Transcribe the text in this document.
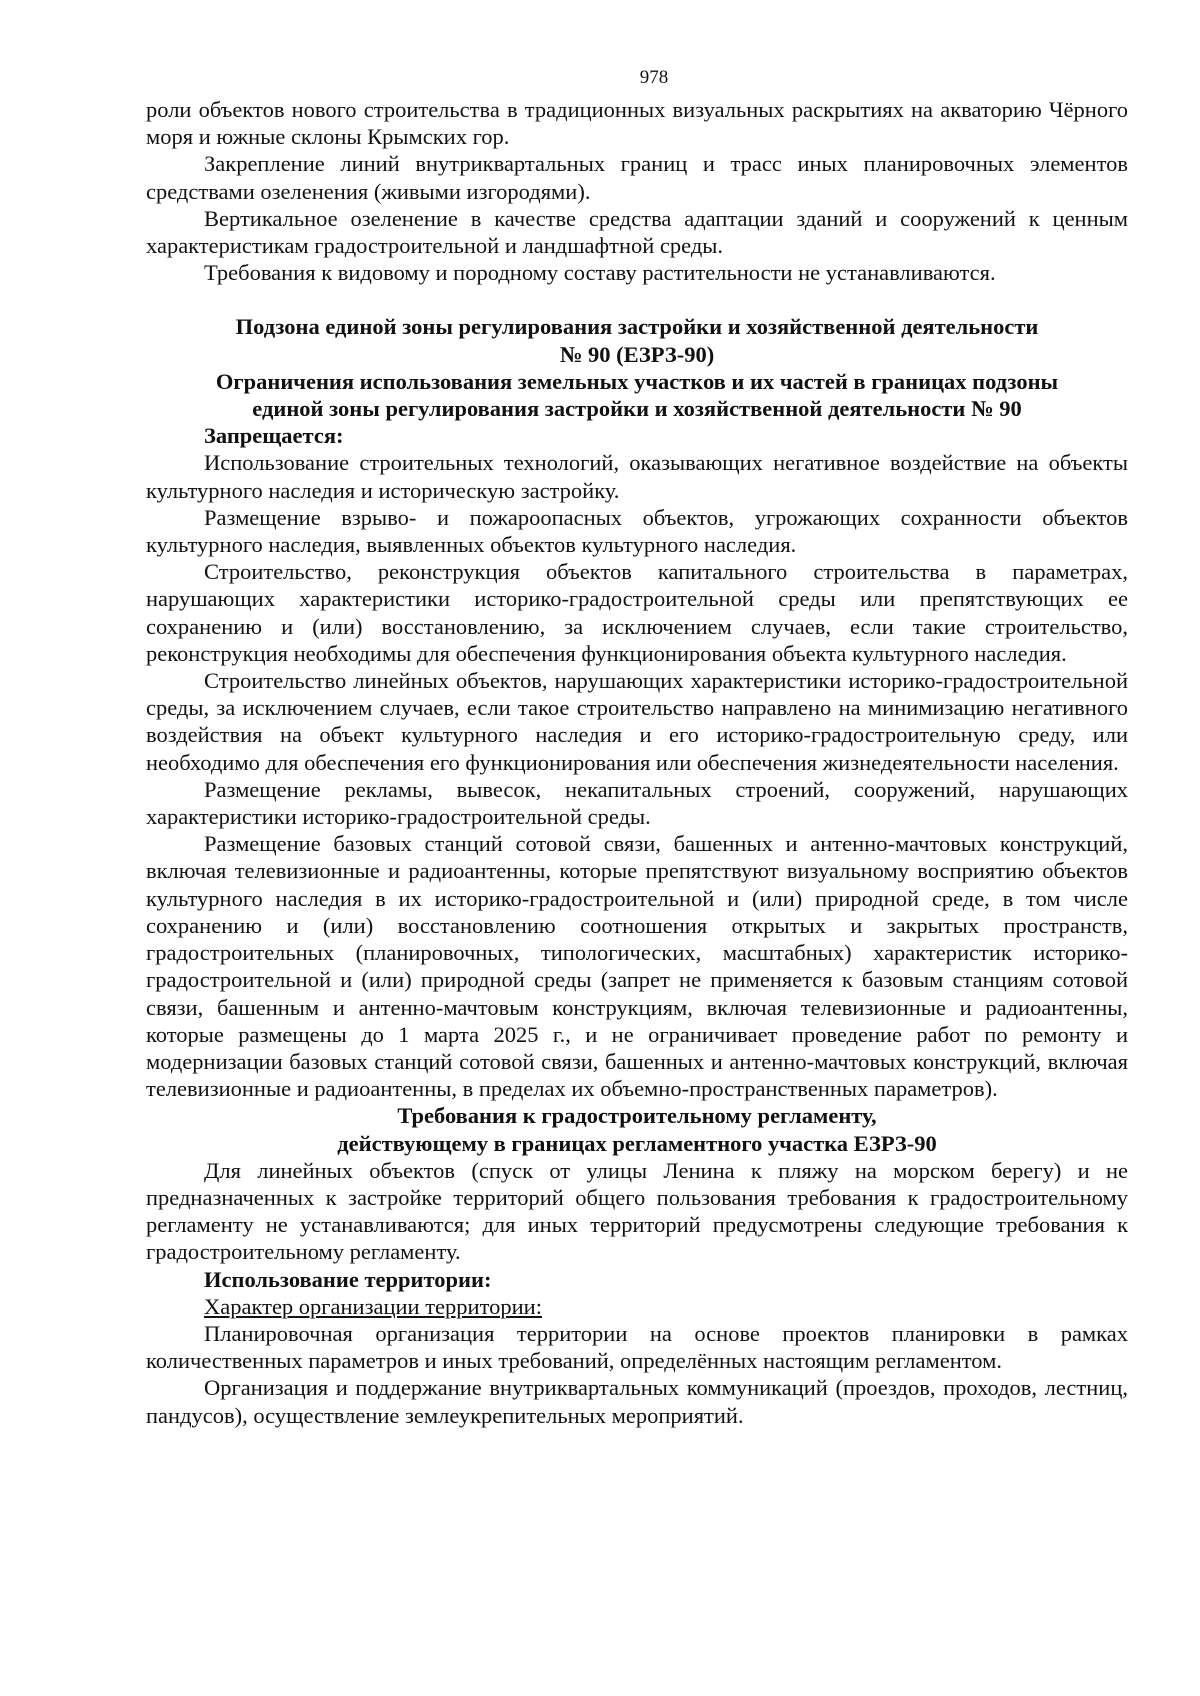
978

роли объектов нового строительства в традиционных визуальных раскрытиях на акваторию Чёрного моря и южные склоны Крымских гор.

Закрепление линий внутриквартальных границ и трасс иных планировочных элементов средствами озеленения (живыми изгородями).

Вертикальное озеленение в качестве средства адаптации зданий и сооружений к ценным характеристикам градостроительной и ландшафтной среды.

Требования к видовому и породному составу растительности не устанавливаются.

Подзона единой зоны регулирования застройки и хозяйственной деятельности
№ 90 (ЕЗРЗ-90)
Ограничения использования земельных участков и их частей в границах подзоны
единой зоны регулирования застройки и хозяйственной деятельности № 90
Запрещается:

Использование строительных технологий, оказывающих негативное воздействие на объекты культурного наследия и историческую застройку.

Размещение взрыво- и пожароопасных объектов, угрожающих сохранности объектов культурного наследия, выявленных объектов культурного наследия.

Строительство, реконструкция объектов капитального строительства в параметрах, нарушающих характеристики историко-градостроительной среды или препятствующих ее сохранению и (или) восстановлению, за исключением случаев, если такие строительство, реконструкция необходимы для обеспечения функционирования объекта культурного наследия.

Строительство линейных объектов, нарушающих характеристики историко-градостроительной среды, за исключением случаев, если такое строительство направлено на минимизацию негативного воздействия на объект культурного наследия и его историко-градостроительную среду, или необходимо для обеспечения его функционирования или обеспечения жизнедеятельности населения.

Размещение рекламы, вывесок, некапитальных строений, сооружений, нарушающих характеристики историко-градостроительной среды.

Размещение базовых станций сотовой связи, башенных и антенно-мачтовых конструкций, включая телевизионные и радиоантенны, которые препятствуют визуальному восприятию объектов культурного наследия в их историко-градостроительной и (или) природной среде, в том числе сохранению и (или) восстановлению соотношения открытых и закрытых пространств, градостроительных (планировочных, типологических, масштабных) характеристик историко-градостроительной и (или) природной среды (запрет не применяется к базовым станциям сотовой связи, башенным и антенно-мачтовым конструкциям, включая телевизионные и радиоантенны, которые размещены до 1 марта 2025 г., и не ограничивает проведение работ по ремонту и модернизации базовых станций сотовой связи, башенных и антенно-мачтовых конструкций, включая телевизионные и радиоантенны, в пределах их объемно-пространственных параметров).

Требования к градостроительному регламенту,
действующему в границах регламентного участка ЕЗРЗ-90

Для линейных объектов (спуск от улицы Ленина к пляжу на морском берегу) и не предназначенных к застройке территорий общего пользования требования к градостроительному регламенту не устанавливаются; для иных территорий предусмотрены следующие требования к градостроительному регламенту.

Использование территории:
Характер организации территории:

Планировочная организация территории на основе проектов планировки в рамках количественных параметров и иных требований, определённых настоящим регламентом.

Организация и поддержание внутриквартальных коммуникаций (проездов, проходов, лестниц, пандусов), осуществление землеукрепительных мероприятий.
